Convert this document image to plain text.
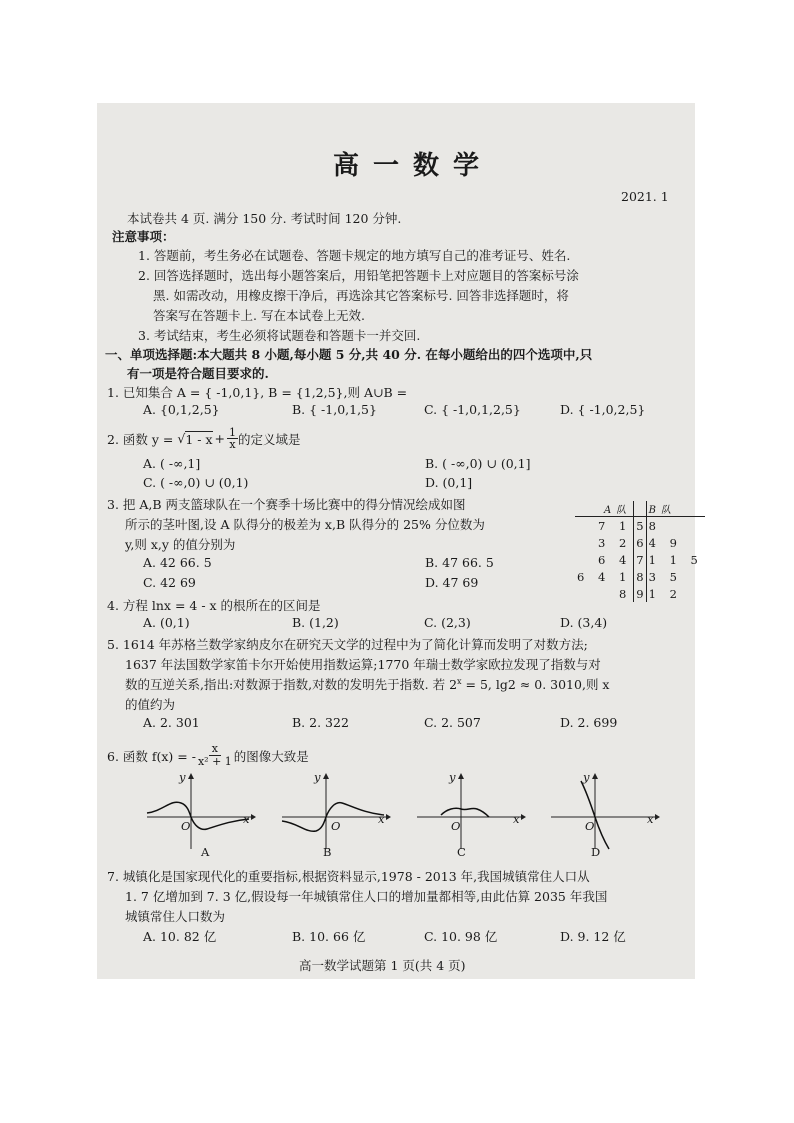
高一数学
2021. 1
本试卷共 4 页. 满分 150 分. 考试时间 120 分钟.
注意事项：
1. 答题前，考生务必在试题卷、答题卡规定的地方填写自己的准考证号、姓名.
2. 回答选择题时，选出每小题答案后，用铅笔把答题卡上对应题目的答案标号涂
黑. 如需改动，用橡皮擦干净后，再选涂其它答案标号. 回答非选择题时，将
答案写在答题卡上. 写在本试卷上无效.
3. 考试结束，考生必须将试题卷和答题卡一并交回.
一、单项选择题:本大题共 8 小题,每小题 5 分,共 40 分. 在每小题给出的四个选项中,只
有一项是符合题目要求的.
1. 已知集合 A = { -1,0,1}, B = {1,2,5},则 A∪B =
A. {0,1,2,5}	B. { -1,0,1,5}	C. { -1,0,1,2,5}	D. { -1,0,2,5}
2. 函数 y = √ $1 - x + \frac{1}{x}$ 的定义域是
A. ( -∞,1]	B. ( -∞,0) ∪ (0,1]
C. ( -∞,0) ∪ (0,1)	D. (0,1]
3. 把 A,B 两支篮球队在一个赛季十场比赛中的得分情况绘成如图
所示的茎叶图,设 A 队得分的极差为 x,B 队得分的 25% 分位数为
y,则 x,y 的值分别为
A. 42 66. 5	B. 47 66. 5
C. 42 69	D. 47 69
A队		B队
7 1	5	8
3 2	6	4 9
6 4	7	1 1 5
6 4 1	8	3 5
8	9	1 2
4. 方程 lnx = 4 - x 的根所在的区间是
A. (0,1)	B. (1,2)	C. (2,3)	D. (3,4)
5. 1614 年苏格兰数学家纳皮尔在研究天文学的过程中为了简化计算而发明了对数方法;
1637 年法国数学家笛卡尔开始使用指数运算;1770 年瑞士数学家欧拉发现了指数与对
数的互逆关系,指出:对数源于指数,对数的发明先于指数. 若 $2^x = 5$, lg2 ≈ 0. 3010,则 x
的值约为
A. 2. 301	B. 2. 322	C. 2. 507	D. 2. 699
6. 函数 f(x) = - $\frac{x}{\text{x² + 1}}$ 的图像大致是
y
x
O
A
y
x
O
B
y
x
O
C
y
x
O
D
7. 城镇化是国家现代化的重要指标,根据资料显示,1978 - 2013 年,我国城镇常住人口从
1. 7 亿增加到 7. 3 亿,假设每一年城镇常住人口的增加量都相等,由此估算 2035 年我国
城镇常住人口数为
A. 10. 82 亿	B. 10. 66 亿	C. 10. 98 亿	D. 9. 12 亿
高一数学试题第 1 页(共 4 页)
